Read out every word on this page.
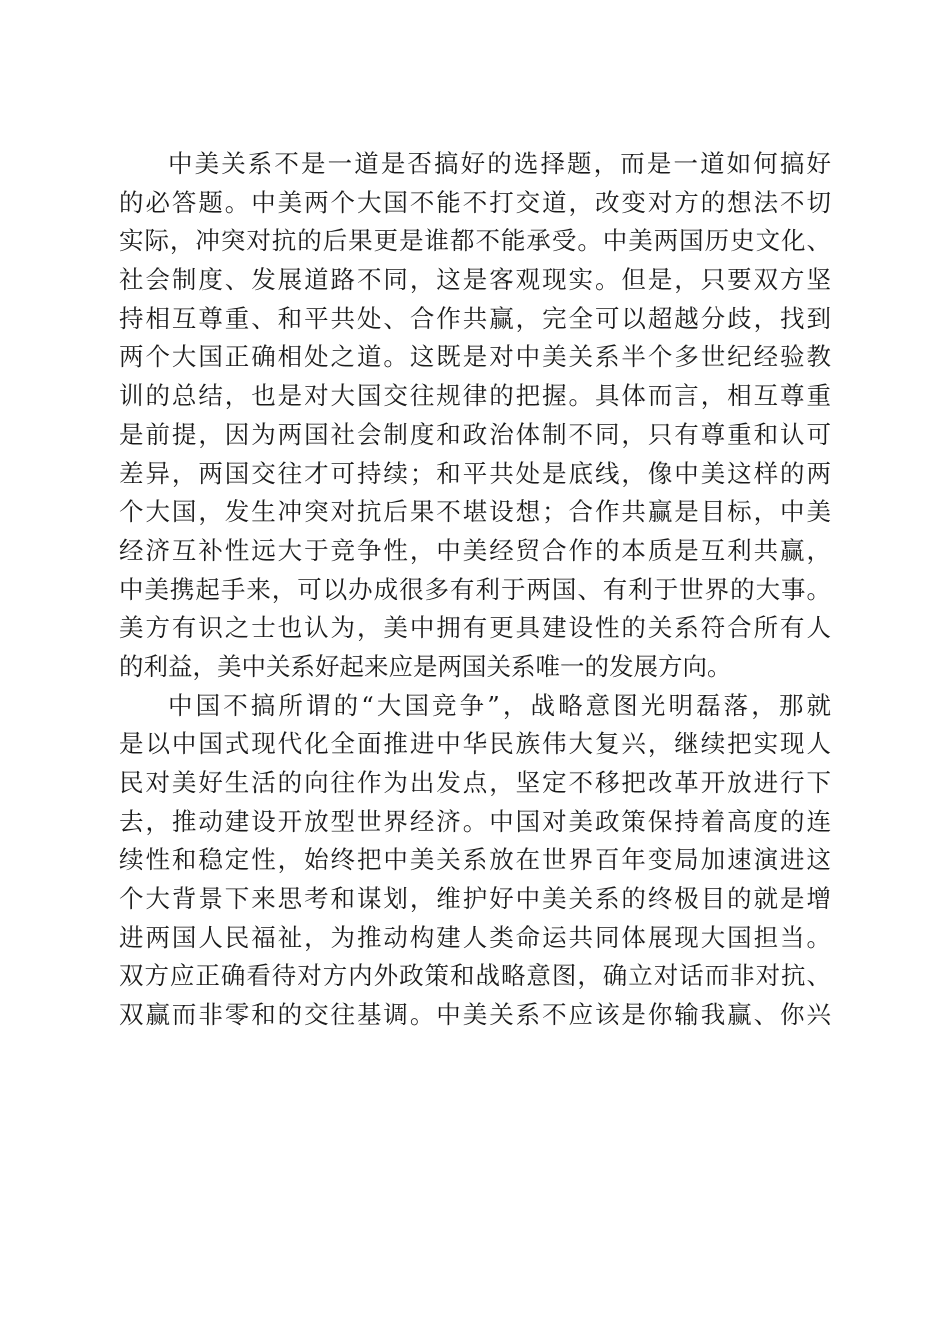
中美关系不是一道是否搞好的选择题，而是一道如何搞好
的必答题。中美两个大国不能不打交道，改变对方的想法不切
实际，冲突对抗的后果更是谁都不能承受。中美两国历史文化、
社会制度、发展道路不同，这是客观现实。但是，只要双方坚
持相互尊重、和平共处、合作共赢，完全可以超越分歧，找到
两个大国正确相处之道。这既是对中美关系半个多世纪经验教
训的总结，也是对大国交往规律的把握。具体而言，相互尊重
是前提，因为两国社会制度和政治体制不同，只有尊重和认可
差异，两国交往才可持续；和平共处是底线，像中美这样的两
个大国，发生冲突对抗后果不堪设想；合作共赢是目标，中美
经济互补性远大于竞争性，中美经贸合作的本质是互利共赢，
中美携起手来，可以办成很多有利于两国、有利于世界的大事。
美方有识之士也认为，美中拥有更具建设性的关系符合所有人
的利益，美中关系好起来应是两国关系唯一的发展方向。
中国不搞所谓的“大国竞争”，战略意图光明磊落，那就
是以中国式现代化全面推进中华民族伟大复兴，继续把实现人
民对美好生活的向往作为出发点，坚定不移把改革开放进行下
去，推动建设开放型世界经济。中国对美政策保持着高度的连
续性和稳定性，始终把中美关系放在世界百年变局加速演进这
个大背景下来思考和谋划，维护好中美关系的终极目的就是增
进两国人民福祉，为推动构建人类命运共同体展现大国担当。
双方应正确看待对方内外政策和战略意图，确立对话而非对抗、
双赢而非零和的交往基调。中美关系不应该是你输我赢、你兴
